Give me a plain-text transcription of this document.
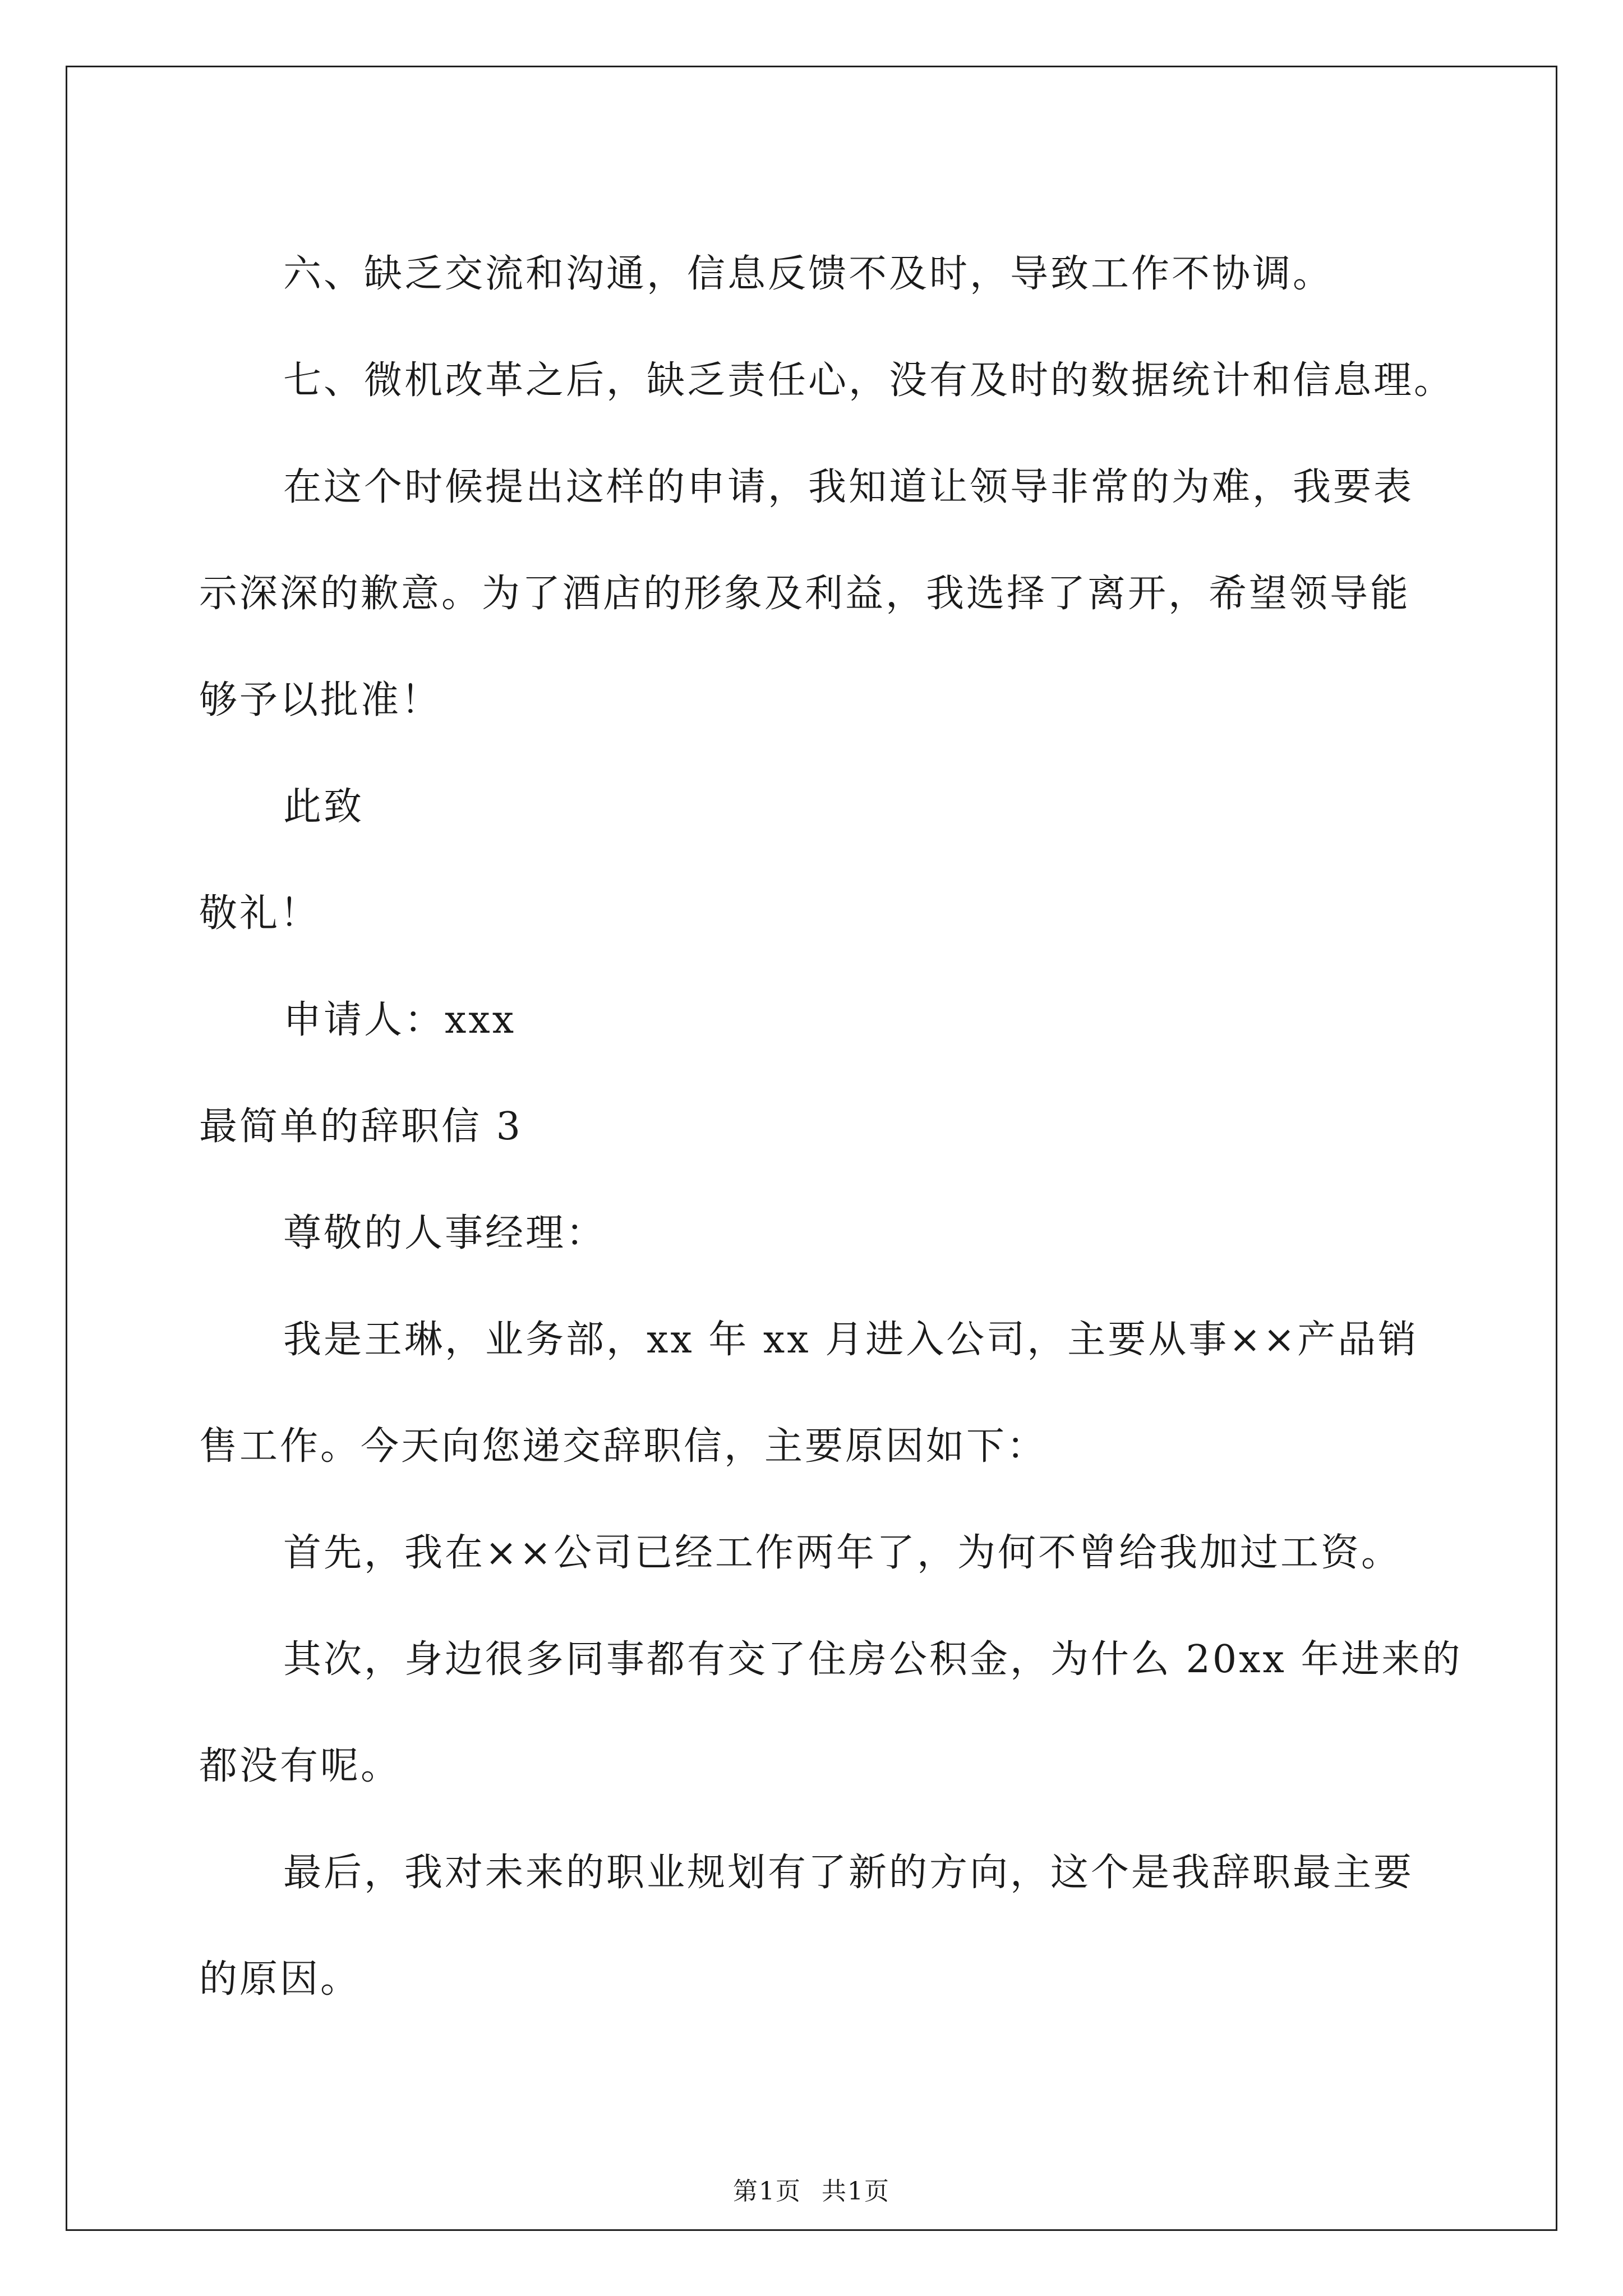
六、缺乏交流和沟通，信息反馈不及时，导致工作不协调。
七、微机改革之后，缺乏责任心，没有及时的数据统计和信息理。
在这个时候提出这样的申请，我知道让领导非常的为难，我要表
示深深的歉意。为了酒店的形象及利益，我选择了离开，希望领导能
够予以批准！
此致
敬礼！
申请人：xxx
最简单的辞职信 3
尊敬的人事经理：
我是王琳，业务部，xx 年 xx 月进入公司，主要从事××产品销
售工作。今天向您递交辞职信，主要原因如下：
首先，我在××公司已经工作两年了，为何不曾给我加过工资。
其次，身边很多同事都有交了住房公积金，为什么 20xx 年进来的
都没有呢。
最后，我对未来的职业规划有了新的方向，这个是我辞职最主要
的原因。
第1页 共1页
